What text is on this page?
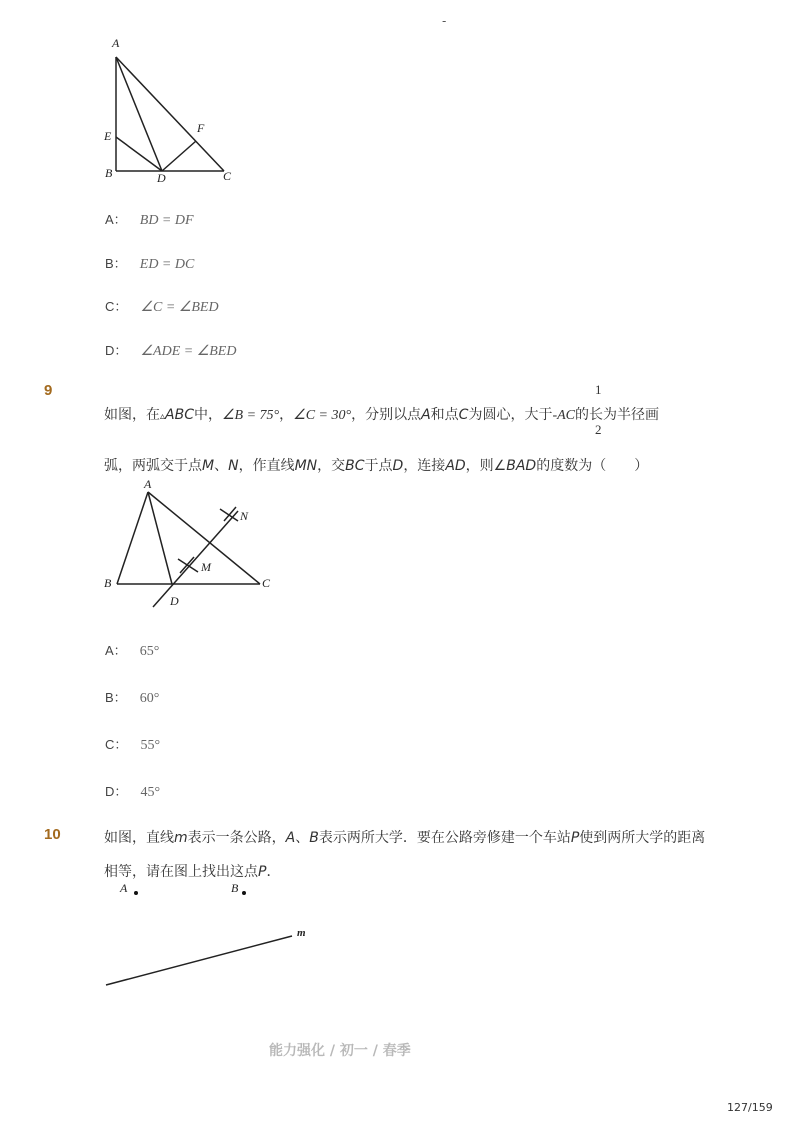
-
A
E
F
B	D	C
A： BD = DF
B： ED = DC
C： ∠C = ∠BED
D： ∠ADE = ∠BED
9	1
2
如图，在▵ABC中，∠B = 75°，∠C = 30°，分别以点A和点C为圆心，大于-AC的长为半径画
弧，两弧交于点M、N，作直线MN，交BC于点D，连接AD，则∠BAD的度数为（　　）
A
N
M
B	C
D
A： 65°
B： 60°
C： 55°
D： 45°
10	如图，直线m表示一条公路，A、B表示两所大学．要在公路旁修建一个车站P使到两所大学的距离
相等，请在图上找出这点P．
A	B
m
能力强化 / 初一 / 春季
127/159
